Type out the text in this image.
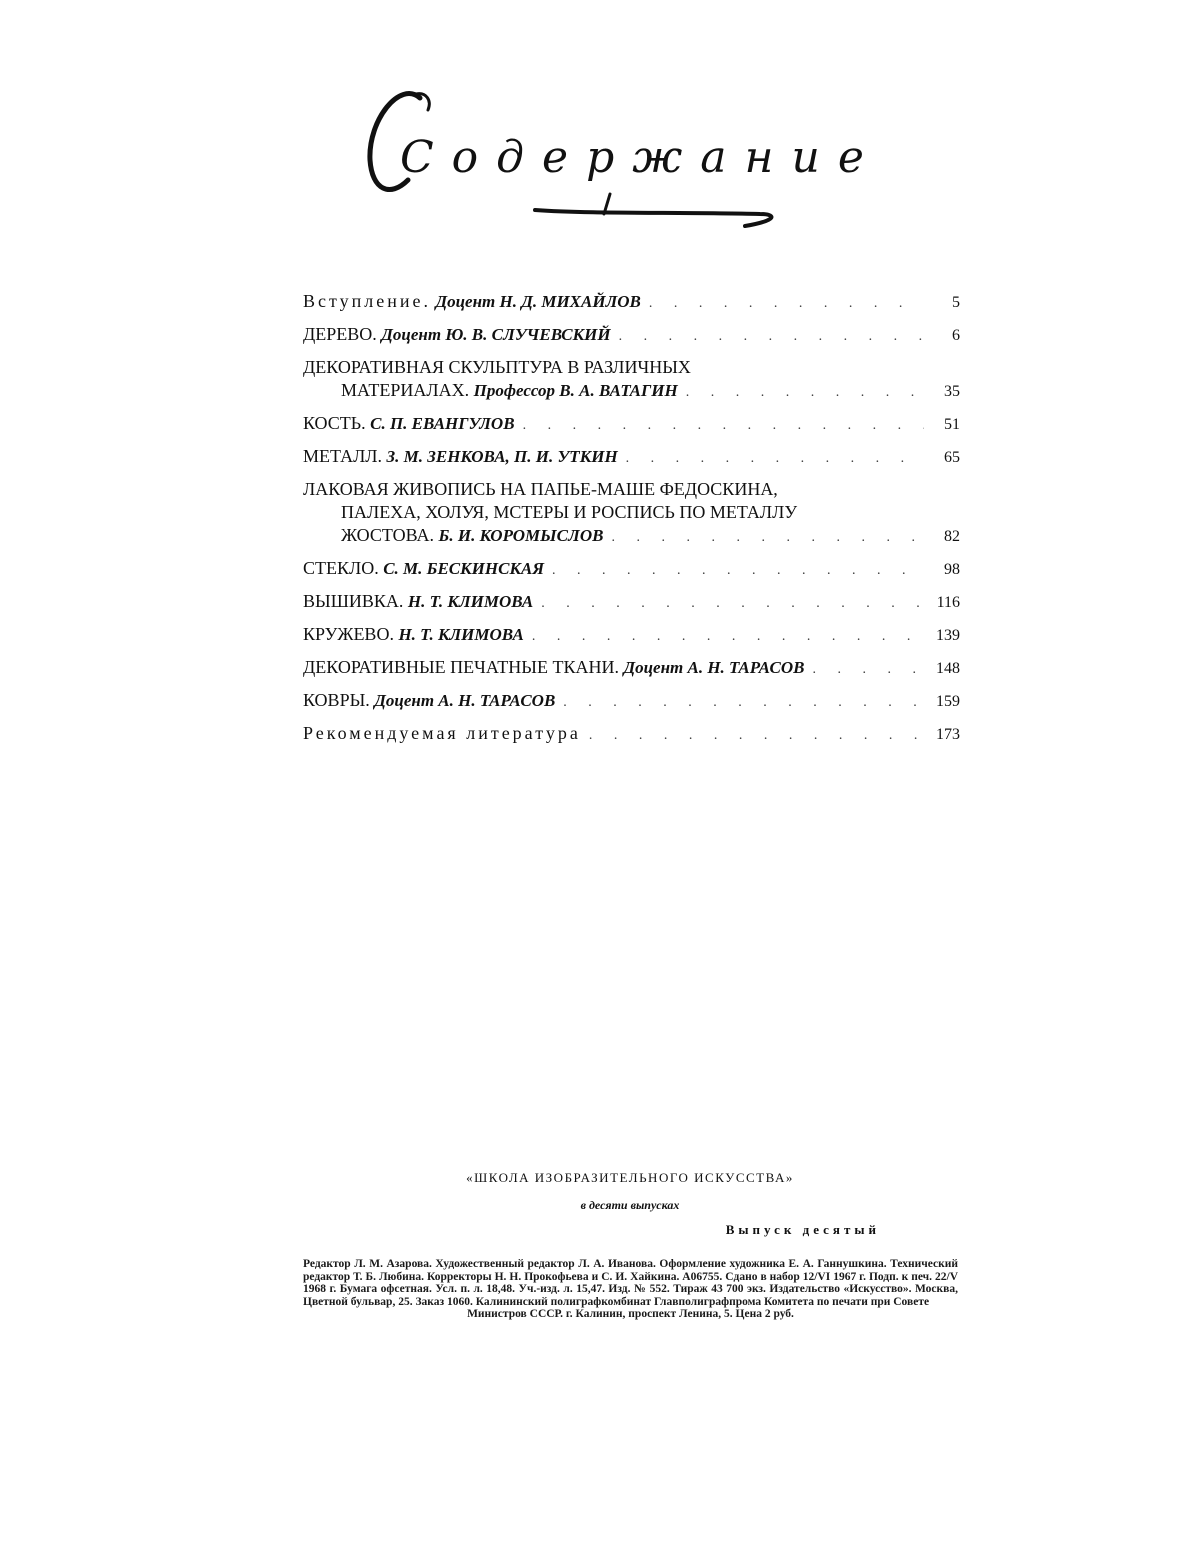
Содержание
Вступление. Доцент Н. Д. МИХАЙЛОВ . . .	5
ДЕРЕВО. Доцент Ю. В. СЛУЧЕВСКИЙ . . .	6
ДЕКОРАТИВНАЯ СКУЛЬПТУРА В РАЗЛИЧНЫХ
МАТЕРИАЛАХ. Профессор В. А. ВАТАГИН . . .	35
КОСТЬ. С. П. ЕВАНГУЛОВ . . .	51
МЕТАЛЛ. З. М. ЗЕНКОВА, П. И. УТКИН . . .	65
ЛАКОВАЯ ЖИВОПИСЬ НА ПАПЬЕ-МАШЕ ФЕДОСКИНА,
ПАЛЕХА, ХОЛУЯ, МСТЕРЫ И РОСПИСЬ ПО МЕТАЛЛУ
ЖОСТОВА. Б. И. КОРОМЫСЛОВ . . .	82
СТЕКЛО. С. М. БЕСКИНСКАЯ . . .	98
ВЫШИВКА. Н. Т. КЛИМОВА . . .	116
КРУЖЕВО. Н. Т. КЛИМОВА . . .	139
ДЕКОРАТИВНЫЕ ПЕЧАТНЫЕ ТКАНИ. Доцент А. Н. ТАРАСОВ . . .	148
КОВРЫ. Доцент А. Н. ТАРАСОВ . . .	159
Рекомендуемая литература . . .	173
«ШКОЛА ИЗОБРАЗИТЕЛЬНОГО ИСКУССТВА»
в десяти выпусках
Выпуск десятый
Редактор Л. М. Азарова. Художественный редактор Л. А. Иванова. Оформление художника Е. А. Ганнушкина. Технический редактор Т. Б. Любина. Корректоры Н. Н. Прокофьева и С. И. Хайкина. А06755. Сдано в набор 12/VI 1967 г. Подп. к печ. 22/V 1968 г. Бумага офсетная. Усл. п. л. 18,48. Уч.-изд. л. 15,47. Изд. № 552. Тираж 43 700 экз. Издательство «Искусство». Москва, Цветной бульвар, 25. Заказ 1060. Калининский полиграфкомбинат Главполиграфпрома Комитета по печати при Совете
Министров СССР. г. Калинин, проспект Ленина, 5. Цена 2 руб.
